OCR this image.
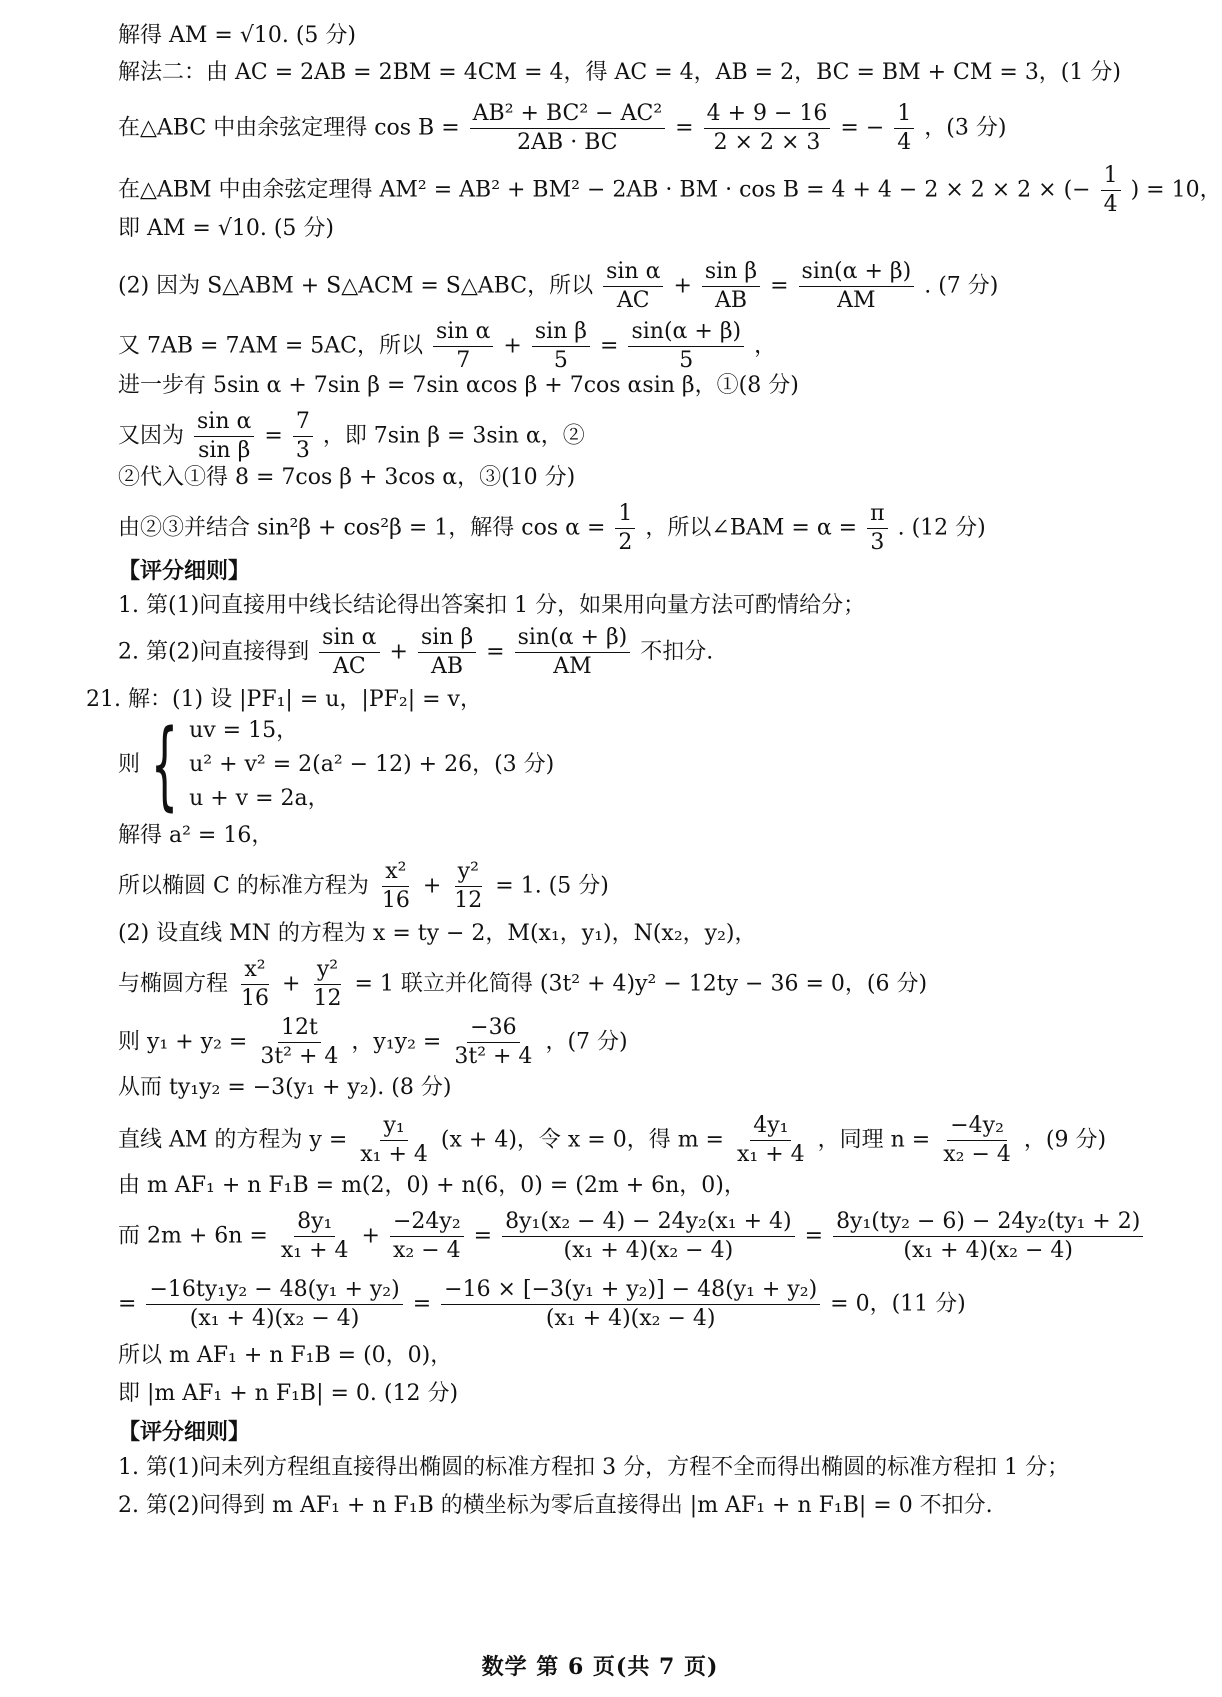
解得 AM = √10. (5 分)
解法二：由 AC = 2AB = 2BM = 4CM = 4，得 AC = 4，AB = 2，BC = BM + CM = 3，(1 分)
在△ABC 中由余弦定理得 $\cos B = \frac{\text{AB² + BC² − AC²}}{2AB \cdot BC} = \frac{4 + 9 - 16}{2 \times 2 \times 3}$ = − $\frac{1}{4}$ ，(3 分)
在△ABM 中由余弦定理得 AM² = AB² + BM² − 2AB · BM · cos B = 4 + 4 − 2 × 2 × 2 × (− $\frac{1}{4}$ ) = 10，
即 AM = √10. (5 分)
(2) 因为 S△ABM + S△ACM = S△ABC，所以 $\frac{\text{sin α}}{AC} + \frac{\text{sin β}}{AB} = \frac{\sin(\alpha + \beta)}{AM}$ . (7 分)
又 7AB = 7AM = 5AC，所以 $\frac{\text{sin α}}{7} + \frac{\text{sin β}}{5} = \frac{\sin(\alpha + \beta)}{5}$ ，
进一步有 5sin α + 7sin β = 7sin αcos β + 7cos αsin β，①(8 分)
又因为 $\frac{\text{sin α}}{\text{sin β}} = \frac{7}{3}$ ，即 7sin β = 3sin α，②
②代入①得 8 = 7cos β + 3cos α，③(10 分)
由②③并结合 sin²β + cos²β = 1，解得 $\cos \alpha = \frac{1}{2}$ ，所以∠BAM = $\alpha = \frac{\pi}{3}$ . (12 分)
【评分细则】
1. 第(1)问直接用中线长结论得出答案扣 1 分，如果用向量方法可酌情给分；
2. 第(2)问直接得到 $\frac{\text{sin α}}{AC} + \frac{\text{sin β}}{AB} = \frac{\sin(\alpha + \beta)}{AM}$ 不扣分.
21. 解：(1) 设 |PF₁| = u，|PF₂| = v，
则 { uv = 15，
u² + v² = 2(a² − 12) + 26，(3 分)
u + v = 2a，
解得 a² = 16，
所以椭圆 C 的标准方程为 $\frac{\text{x²}}{16} + \frac{\text{y²}}{12} = 1$. (5 分)
(2) 设直线 MN 的方程为 x = ty − 2，M(x₁，y₁)，N(x₂，y₂)，
与椭圆方程 $\frac{\text{x²}}{16} + \frac{\text{y²}}{12} = 1$ 联立并化简得 (3t² + 4)y² − 12ty − 36 = 0，(6 分)
则 $y_1 + y_2 = \frac{12t}{\text{3t² + 4}}$ ，$y_1y_2 = \frac{-36}{\text{3t² + 4}}$ ，(7 分)
从而 ty₁y₂ = −3(y₁ + y₂). (8 分)
直线 AM 的方程为 $y = \frac{\text{y₁}}{\text{x₁ + 4}} (x + 4)$，令 x = 0，得 $m = \frac{\text{4y₁}}{\text{x₁ + 4}}$ ，同理 $n = \frac{\text{−4y₂}}{\text{x₂ − 4}}$ ，(9 分)
由 m AF₁ + n F₁B = m(2，0) + n(6，0) = (2m + 6n，0)，
而 $2m + 6n = \frac{\text{8y₁}}{\text{x₁ + 4}} + \frac{\text{−24y₂}}{\text{x₂ − 4}} = \frac{\text{8y₁(x₂ − 4) − 24y₂(x₁ + 4)}}{\text{(x₁ + 4)(x₂ − 4)}} = \frac{\text{8y₁(ty₂ − 6) − 24y₂(ty₁ + 2)}}{\text{(x₁ + 4)(x₂ − 4)}}$
= $\frac{\text{−16ty₁y₂ − 48(y₁ + y₂)}}{\text{(x₁ + 4)(x₂ − 4)}} = \frac{\text{−16 × [−3(y₁ + y₂)] − 48(y₁ + y₂)}}{\text{(x₁ + 4)(x₂ − 4)}} = 0$，(11 分)
所以 m AF₁ + n F₁B = (0，0)，
即 |m AF₁ + n F₁B| = 0. (12 分)
【评分细则】
1. 第(1)问未列方程组直接得出椭圆的标准方程扣 3 分，方程不全而得出椭圆的标准方程扣 1 分；
2. 第(2)问得到 m AF₁ + n F₁B 的横坐标为零后直接得出 |m AF₁ + n F₁B| = 0 不扣分.
数学 第 6 页(共 7 页)
